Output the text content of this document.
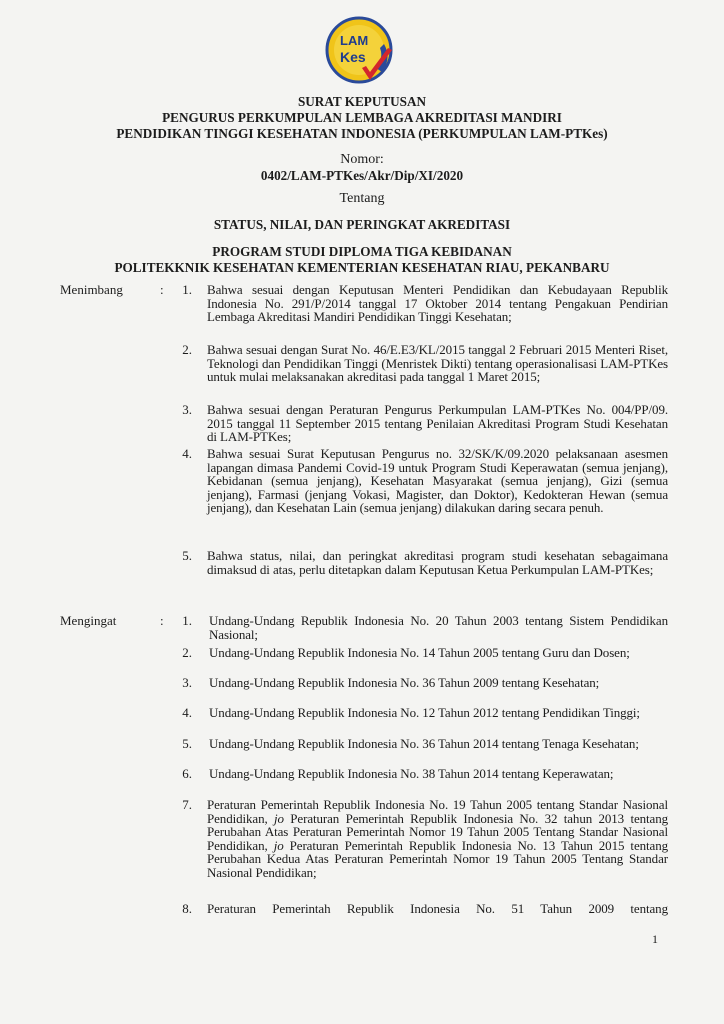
LAM
Kes
SURAT KEPUTUSAN
PENGURUS PERKUMPULAN LEMBAGA AKREDITASI MANDIRI
PENDIDIKAN TINGGI KESEHATAN INDONESIA (PERKUMPULAN LAM-PTKes)
Nomor:
0402/LAM-PTKes/Akr/Dip/XI/2020
Tentang
STATUS, NILAI, DAN PERINGKAT AKREDITASI
PROGRAM STUDI DIPLOMA TIGA KEBIDANAN
POLITEKKNIK KESEHATAN KEMENTERIAN KESEHATAN RIAU, PEKANBARU
Menimbang	:	1. Bahwa sesuai dengan Keputusan Menteri Pendidikan dan Kebudayaan Republik Indonesia No. 291/P/2014 tanggal 17 Oktober 2014 tentang Pengakuan Pendirian Lembaga Akreditasi Mandiri Pendidikan Tinggi Kesehatan;
2. Bahwa sesuai dengan Surat No. 46/E.E3/KL/2015 tanggal 2 Februari 2015 Menteri Riset, Teknologi dan Pendidikan Tinggi (Menristek Dikti) tentang operasionalisasi LAM-PTKes untuk mulai melaksanakan akreditasi pada tanggal 1 Maret 2015;
3. Bahwa sesuai dengan Peraturan Pengurus Perkumpulan LAM-PTKes No. 004/PP/09. 2015 tanggal 11 September 2015 tentang Penilaian Akreditasi Program Studi Kesehatan di LAM-PTKes;
4. Bahwa sesuai Surat Keputusan Pengurus no. 32/SK/K/09.2020 pelaksanaan asesmen lapangan dimasa Pandemi Covid-19 untuk Program Studi Keperawatan (semua jenjang), Kebidanan (semua jenjang), Kesehatan Masyarakat (semua jenjang), Gizi (semua jenjang), Farmasi (jenjang Vokasi, Magister, dan Doktor), Kedokteran Hewan (semua jenjang), dan Kesehatan Lain (semua jenjang) dilakukan daring secara penuh.
5. Bahwa status, nilai, dan peringkat akreditasi program studi kesehatan sebagaimana dimaksud di atas, perlu ditetapkan dalam Keputusan Ketua Perkumpulan LAM-PTKes;
Mengingat	:	1. Undang-Undang Republik Indonesia No. 20 Tahun 2003 tentang Sistem Pendidikan Nasional;
2. Undang-Undang Republik Indonesia No. 14 Tahun 2005 tentang Guru dan Dosen;
3. Undang-Undang Republik Indonesia No. 36 Tahun 2009 tentang Kesehatan;
4. Undang-Undang Republik Indonesia No. 12 Tahun 2012 tentang Pendidikan Tinggi;
5. Undang-Undang Republik Indonesia No. 36 Tahun 2014 tentang Tenaga Kesehatan;
6. Undang-Undang Republik Indonesia No. 38 Tahun 2014 tentang Keperawatan;
7. Peraturan Pemerintah Republik Indonesia No. 19 Tahun 2005 tentang Standar Nasional Pendidikan, jo Peraturan Pemerintah Republik Indonesia No. 32 tahun 2013 tentang Perubahan Atas Peraturan Pemerintah Nomor 19 Tahun 2005 Tentang Standar Nasional Pendidikan, jo Peraturan Pemerintah Republik Indonesia No. 13 Tahun 2015 tentang Perubahan Kedua Atas Peraturan Pemerintah Nomor 19 Tahun 2005 Tentang Standar Nasional Pendidikan;
8. Peraturan Pemerintah Republik Indonesia No. 51 Tahun 2009 tentang
1
